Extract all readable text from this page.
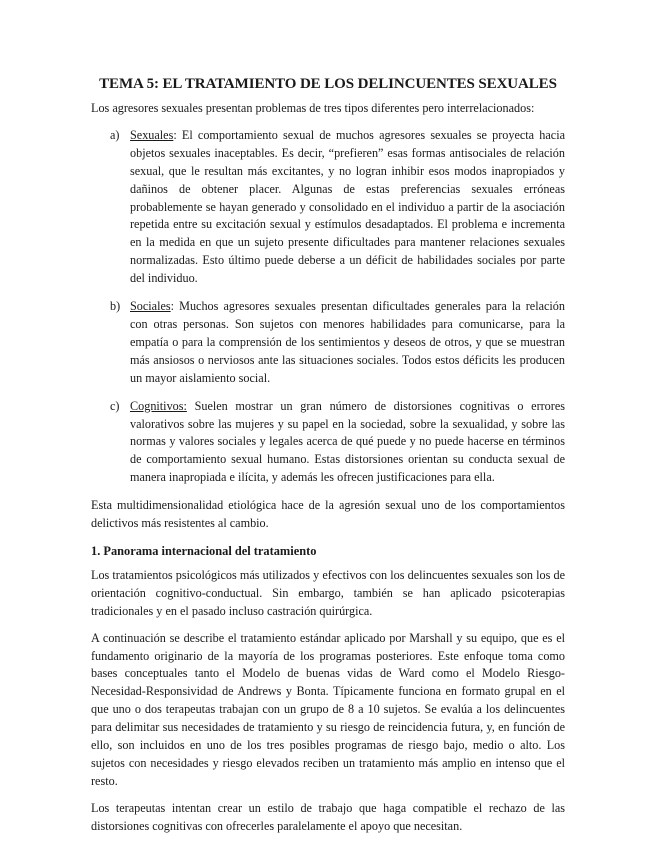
TEMA 5: EL TRATAMIENTO DE LOS DELINCUENTES SEXUALES

Los agresores sexuales presentan problemas de tres tipos diferentes pero interrelacionados:

a) Sexuales: El comportamiento sexual de muchos agresores sexuales se proyecta hacia objetos sexuales inaceptables. Es decir, “prefieren” esas formas antisociales de relación sexual, que le resultan más excitantes, y no logran inhibir esos modos inapropiados y dañinos de obtener placer. Algunas de estas preferencias sexuales erróneas probablemente se hayan generado y consolidado en el individuo a partir de la asociación repetida entre su excitación sexual y estímulos desadaptados. El problema e incrementa en la medida en que un sujeto presente dificultades para mantener relaciones sexuales normalizadas. Esto último puede deberse a un déficit de habilidades sociales por parte del individuo.
b) Sociales: Muchos agresores sexuales presentan dificultades generales para la relación con otras personas. Son sujetos con menores habilidades para comunicarse, para la empatía o para la comprensión de los sentimientos y deseos de otros, y que se muestran más ansiosos o nerviosos ante las situaciones sociales. Todos estos déficits les producen un mayor aislamiento social.
c) Cognitivos: Suelen mostrar un gran número de distorsiones cognitivas o errores valorativos sobre las mujeres y su papel en la sociedad, sobre la sexualidad, y sobre las normas y valores sociales y legales acerca de qué puede y no puede hacerse en términos de comportamiento sexual humano. Estas distorsiones orientan su conducta sexual de manera inapropiada e ilícita, y además les ofrecen justificaciones para ella.

Esta multidimensionalidad etiológica hace de la agresión sexual uno de los comportamientos delictivos más resistentes al cambio.

1. Panorama internacional del tratamiento

Los tratamientos psicológicos más utilizados y efectivos con los delincuentes sexuales son los de orientación cognitivo-conductual. Sin embargo, también se han aplicado psicoterapias tradicionales y en el pasado incluso castración quirúrgica.

A continuación se describe el tratamiento estándar aplicado por Marshall y su equipo, que es el fundamento originario de la mayoría de los programas posteriores. Este enfoque toma como bases conceptuales tanto el Modelo de buenas vidas de Ward como el Modelo Riesgo-Necesidad-Responsividad de Andrews y Bonta. Típicamente funciona en formato grupal en el que uno o dos terapeutas trabajan con un grupo de 8 a 10 sujetos. Se evalúa a los delincuentes para delimitar sus necesidades de tratamiento y su riesgo de reincidencia futura, y, en función de ello, son incluidos en uno de los tres posibles programas de riesgo bajo, medio o alto. Los sujetos con necesidades y riesgo elevados reciben un tratamiento más amplio en intenso que el resto.

Los terapeutas intentan crear un estilo de trabajo que haga compatible el rechazo de las distorsiones cognitivas con ofrecerles paralelamente el apoyo que necesitan.
